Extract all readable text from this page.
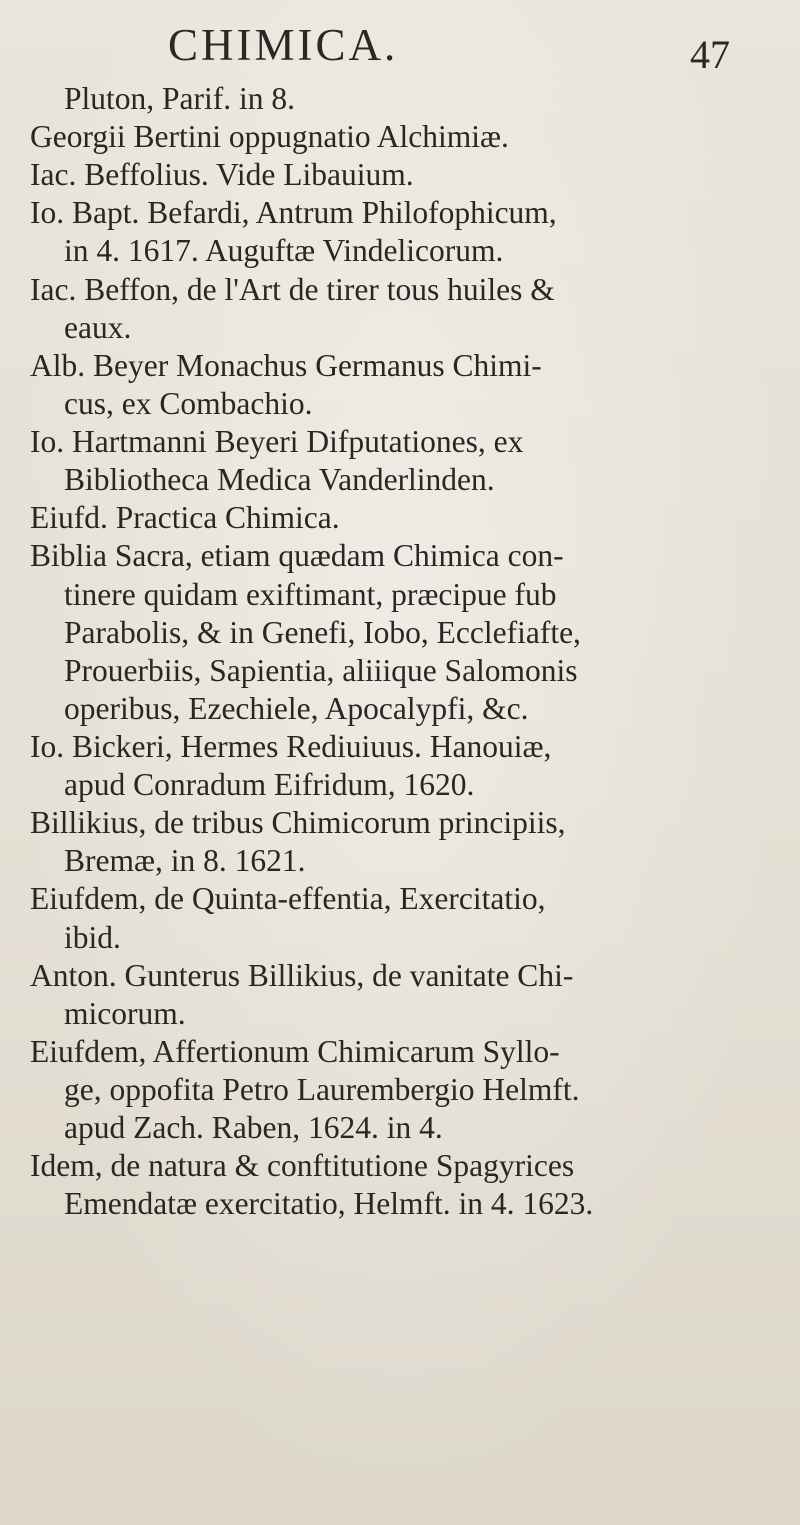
CHIMICA.	47
Pluton, Parif. in 8.
Georgii Bertini oppugnatio Alchimiæ.
Iac. Beffolius. Vide Libauium.
Io. Bapt. Befardi, Antrum Philofophicum,
in 4. 1617. Auguftæ Vindelicorum.
Iac. Beffon, de l'Art de tirer tous huiles &
eaux.
Alb. Beyer Monachus Germanus Chimi-
cus, ex Combachio.
Io. Hartmanni Beyeri Difputationes, ex
Bibliotheca Medica Vanderlinden.
Eiufd. Practica Chimica.
Biblia Sacra, etiam quædam Chimica con-
tinere quidam exiftimant, præcipue fub
Parabolis, & in Genefi, Iobo, Ecclefiafte,
Prouerbiis, Sapientia, aliiique Salomonis
operibus, Ezechiele, Apocalypfi, &c.
Io. Bickeri, Hermes Rediuiuus. Hanouiæ,
apud Conradum Eifridum, 1620.
Billikius, de tribus Chimicorum principiis,
Bremæ, in 8. 1621.
Eiufdem, de Quinta-effentia, Exercitatio,
ibid.
Anton. Gunterus Billikius, de vanitate Chi-
micorum.
Eiufdem, Affertionum Chimicarum Syllo-
ge, oppofita Petro Laurembergio Helmft.
apud Zach. Raben, 1624. in 4.
Idem, de natura & conftitutione Spagyrices
Emendatæ exercitatio, Helmft. in 4. 1623.
